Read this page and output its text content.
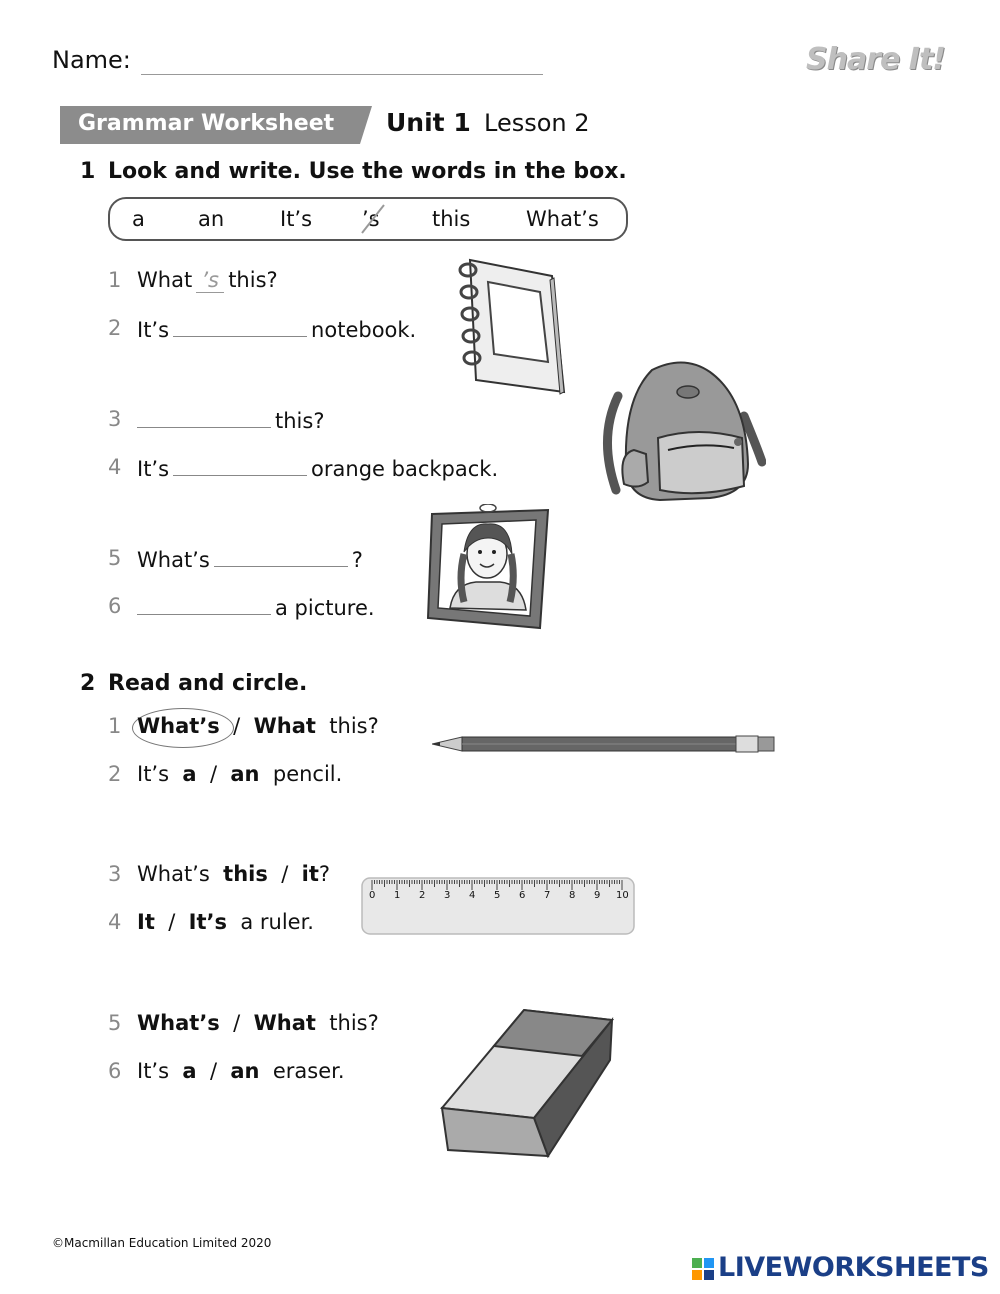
Name:	Share It!
Grammar Worksheet Unit 1 Lesson 2
1 Look and write. Use the words in the box.
a	an	It’s ’s this	What’s
1 What ’s this?
2 It’s	notebook.
3	this?
4 It’s	orange backpack.
5 What’s	?
6	a picture.
2 Read and circle.
1 What’s / What this?
2 It’s a / an pencil.
3 What’s this / it?
4 It / It’s a ruler.
5 What’s / What this?
6 It’s a / an eraser.
0 1 2 3 4 5 6 7 8 9 10
©Macmillan Education Limited 2020
LIVEWORKSHEETS
